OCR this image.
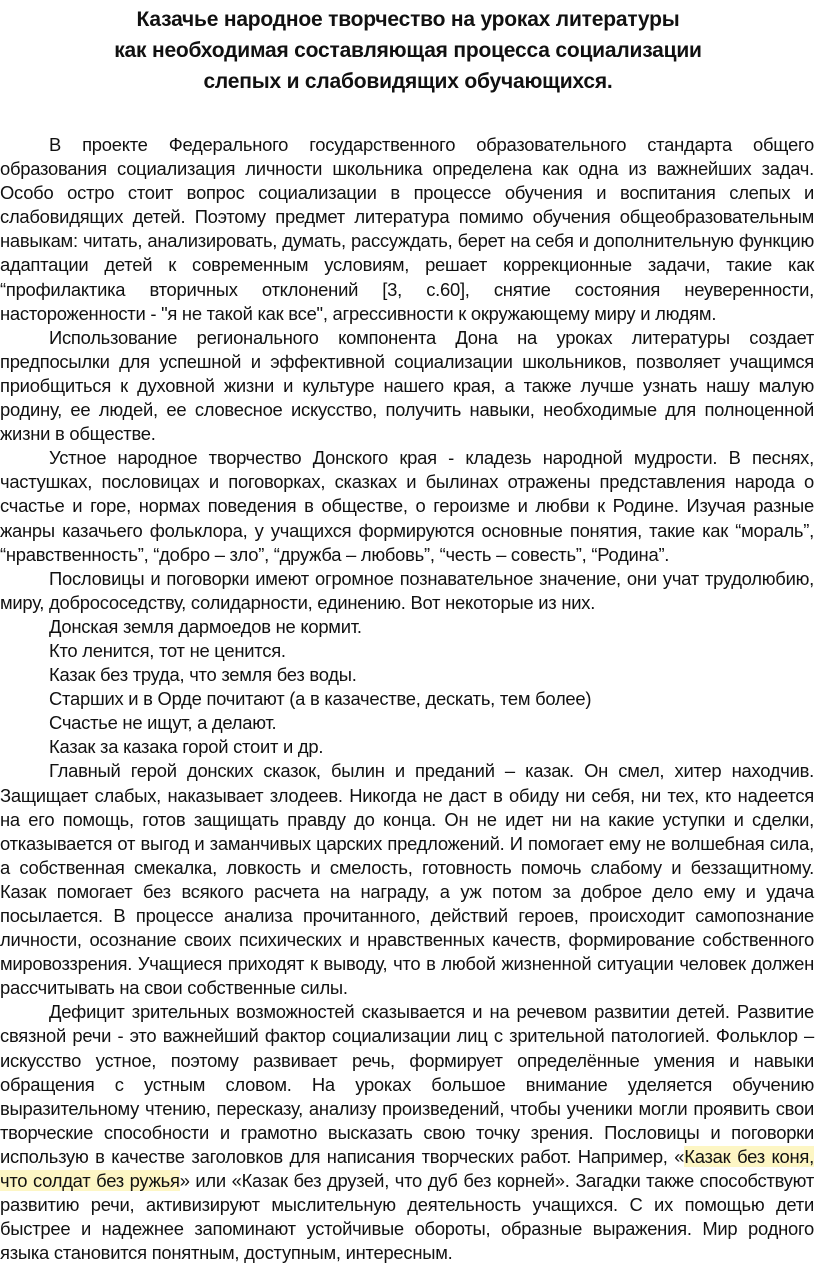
Казачье народное творчество на уроках литературы
как необходимая составляющая процесса социализации
слепых и слабовидящих обучающихся.

В проекте Федерального государственного образовательного стандарта общего образования социализация личности школьника определена как одна из важнейших задач. Особо остро стоит вопрос социализации в процессе обучения и воспитания слепых и слабовидящих детей. Поэтому предмет литература помимо обучения общеобразовательным навыкам: читать, анализировать, думать, рассуждать, берет на себя и дополнительную функцию адаптации детей к современным условиям, решает коррекционные задачи, такие как “профилактика вторичных отклонений [3, с.60], снятие состояния неуверенности, настороженности - "я не такой как все", агрессивности к окружающему миру и людям.

Использование регионального компонента Дона на уроках литературы создает предпосылки для успешной и эффективной социализации школьников, позволяет учащимся приобщиться к духовной жизни и культуре нашего края, а также лучше узнать нашу малую родину, ее людей, ее словесное искусство, получить навыки, необходимые для полноценной жизни в обществе.

Устное народное творчество Донского края - кладезь народной мудрости. В песнях, частушках, пословицах и поговорках, сказках и былинах отражены представления народа о счастье и горе, нормах поведения в обществе, о героизме и любви к Родине. Изучая разные жанры казачьего фольклора, у учащихся формируются основные понятия, такие как “мораль”, “нравственность”, “добро – зло”, “дружба – любовь”, “честь – совесть”, “Родина”.

Пословицы и поговорки имеют огромное познавательное значение, они учат трудолюбию, миру, добрососедству, солидарности, единению. Вот некоторые из них.

Донская земля дармоедов не кормит.

Кто ленится, тот не ценится.

Казак без труда, что земля без воды.

Старших и в Орде почитают (а в казачестве, дескать, тем более)

Счастье не ищут, а делают.

Казак за казака горой стоит и др.

Главный герой донских сказок, былин и преданий – казак. Он смел, хитер находчив. Защищает слабых, наказывает злодеев. Никогда не даст в обиду ни себя, ни тех, кто надеется на его помощь, готов защищать правду до конца. Он не идет ни на какие уступки и сделки, отказывается от выгод и заманчивых царских предложений. И помогает ему не волшебная сила, а собственная смекалка, ловкость и смелость, готовность помочь слабому и беззащитному. Казак помогает без всякого расчета на награду, а уж потом за доброе дело ему и удача посылается. В процессе анализа прочитанного, действий героев, происходит самопознание личности, осознание своих психических и нравственных качеств, формирование собственного мировоззрения. Учащиеся приходят к выводу, что в любой жизненной ситуации человек должен рассчитывать на свои собственные силы.

Дефицит зрительных возможностей сказывается и на речевом развитии детей. Развитие связной речи - это важнейший фактор социализации лиц с зрительной патологией. Фольклор – искусство устное, поэтому развивает речь, формирует определённые умения и навыки обращения с устным словом. На уроках большое внимание уделяется обучению выразительному чтению, пересказу, анализу произведений, чтобы ученики могли проявить свои творческие способности и грамотно высказать свою точку зрения. Пословицы и поговорки использую в качестве заголовков для написания творческих работ. Например, «Казак без коня, что солдат без ружья» или «Казак без друзей, что дуб без корней». Загадки также способствуют развитию речи, активизируют мыслительную деятельность учащихся. С их помощью дети быстрее и надежнее запоминают устойчивые обороты, образные выражения. Мир родного языка становится понятным, доступным, интересным.
